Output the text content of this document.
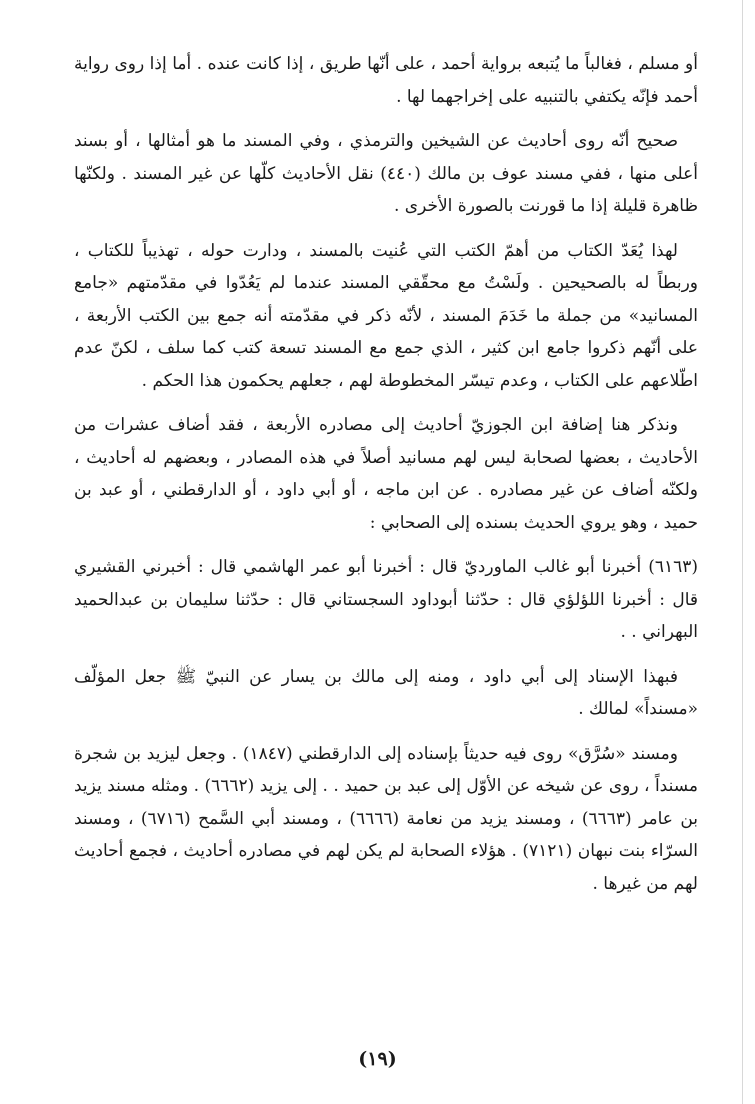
أو مسلم ، فغالباً ما يُتبعه برواية أحمد ، على أنّها طريق ، إذا كانت عنده . أما إذا روى رواية أحمد فإنّه يكتفي بالتنبيه على إخراجهما لها .

صحيح أنّه روى أحاديث عن الشيخين والترمذي ، وفي المسند ما هو أمثالها ، أو بسند أعلى منها ، ففي مسند عوف بن مالك (٤٤٠) نقل الأحاديث كلّها عن غير المسند . ولكنّها ظاهرة قليلة إذا ما قورنت بالصورة الأخرى .

لهذا يُعَدّ الكتاب من أهمّ الكتب التي عُنيت بالمسند ، ودارت حوله ، تهذيباً للكتاب ، وربطاً له بالصحيحين . ولَسْتُ مع محقّقي المسند عندما لم يَعُدّوا في مقدّمتهم «جامع المسانيد» من جملة ما خَدَمَ المسند ، لأنّه ذكر في مقدّمته أنه جمع بين الكتب الأربعة ، على أنّهم ذكروا جامع ابن كثير ، الذي جمع مع المسند تسعة كتب كما سلف ، لكنّ عدم اطّلاعهم على الكتاب ، وعدم تيسّر المخطوطة لهم ، جعلهم يحكمون هذا الحكم .

ونذكر هنا إضافة ابن الجوزيّ أحاديث إلى مصادره الأربعة ، فقد أضاف عشرات من الأحاديث ، بعضها لصحابة ليس لهم مسانيد أصلاً في هذه المصادر ، وبعضهم له أحاديث ، ولكنّه أضاف عن غير مصادره . عن ابن ماجه ، أو أبي داود ، أو الدارقطني ، أو عبد بن حميد ، وهو يروي الحديث بسنده إلى الصحابي :

(٦١٦٣) أخبرنا أبو غالب الماورديّ قال : أخبرنا أبو عمر الهاشمي قال : أخبرني القشيري قال : أخبرنا اللؤلؤي قال : حدّثنا أبوداود السجستاني قال : حدّثنا سليمان بن عبدالحميد البهراني . .

فبهذا الإسناد إلى أبي داود ، ومنه إلى مالك بن يسار عن النبيّ ﷺ جعل المؤلّف «مسنداً» لمالك .

ومسند «سُرَّق» روى فيه حديثاً بإسناده إلى الدارقطني (١٨٤٧) . وجعل ليزيد بن شجرة مسنداً ، روى عن شيخه عن الأوّل إلى عبد بن حميد . . إلى يزيد (٦٦٦٢) . ومثله مسند يزيد بن عامر (٦٦٦٣) ، ومسند يزيد من نعامة (٦٦٦٦) ، ومسند أبي السَّمح (٦٧١٦) ، ومسند السرّاء بنت نبهان (٧١٢١) . هؤلاء الصحابة لم يكن لهم في مصادره أحاديث ، فجمع أحاديث لهم من غيرها .

(١٩)
